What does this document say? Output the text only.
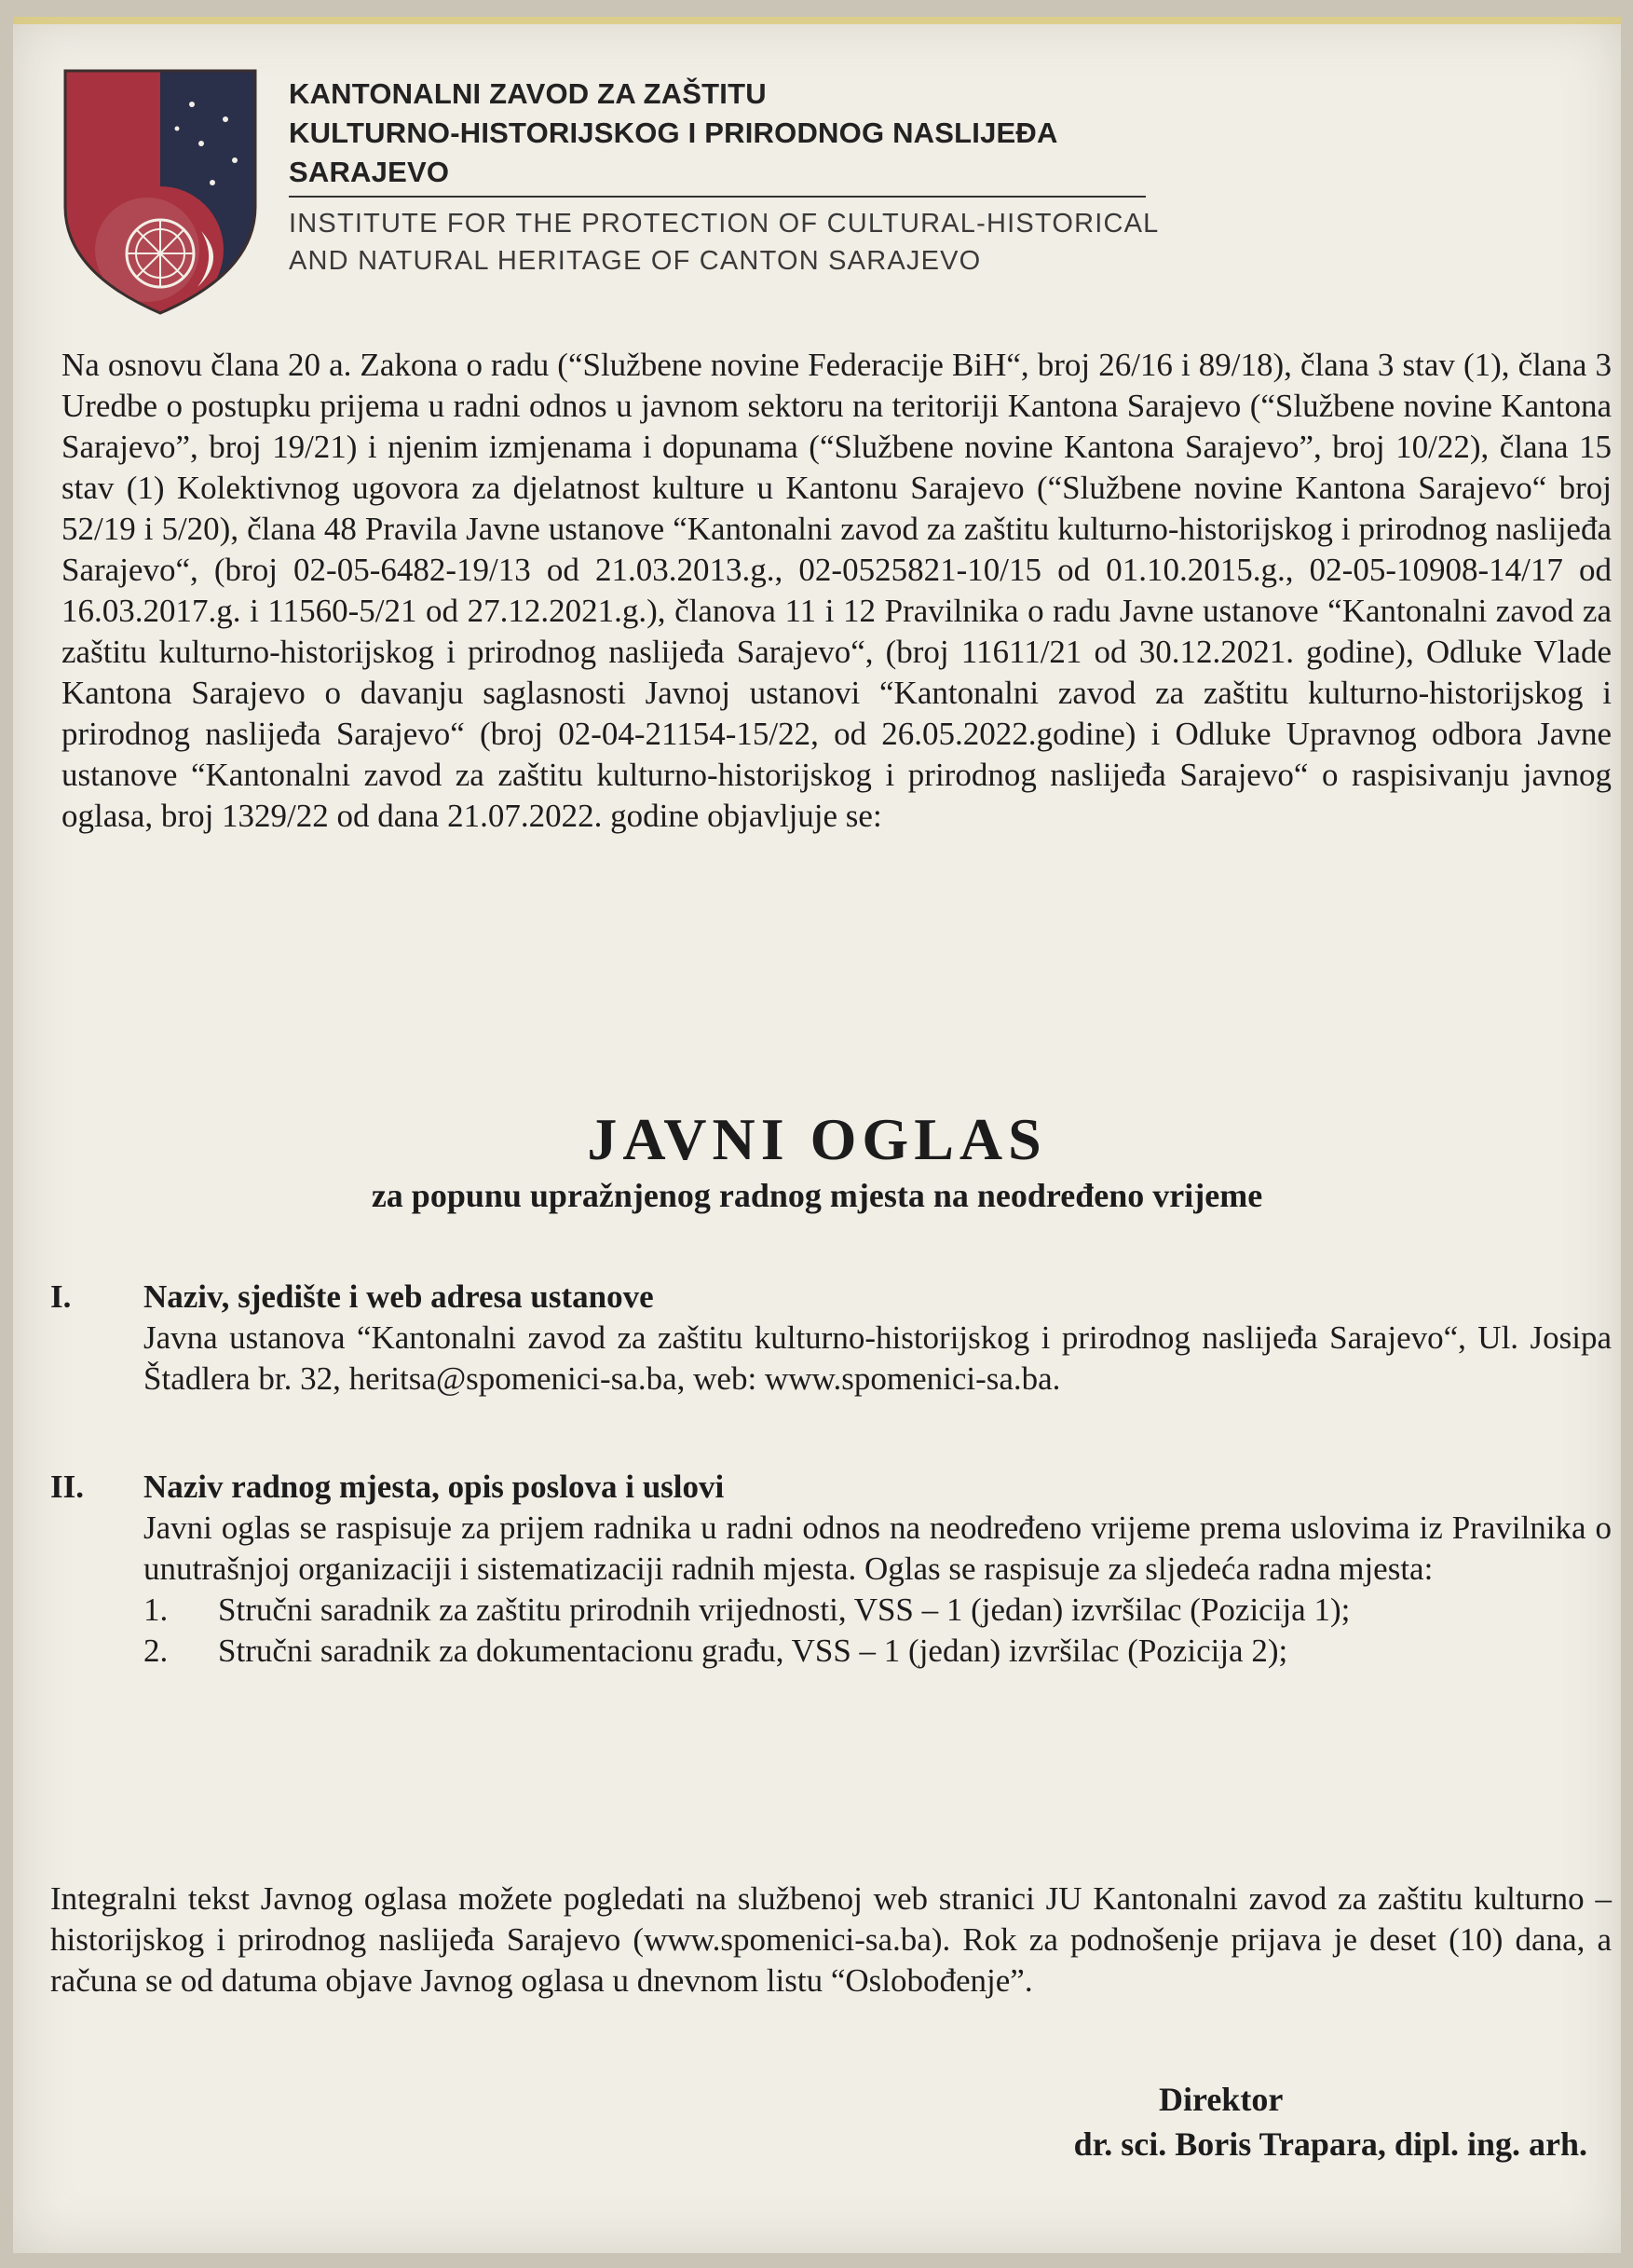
KANTONALNI ZAVOD ZA ZAŠTITU
KULTURNO-HISTORIJSKOG I PRIRODNOG NASLIJEĐA
SARAJEVO
INSTITUTE FOR THE PROTECTION OF CULTURAL-HISTORICAL
AND NATURAL HERITAGE OF CANTON SARAJEVO
Na osnovu člana 20 a. Zakona o radu (“Službene novine Federacije BiH“, broj 26/16 i 89/18), člana 3 stav (1), člana 3 Uredbe o postupku prijema u radni odnos u javnom sektoru na teritoriji Kantona Sarajevo (“Službene novine Kantona Sarajevo”, broj 19/21) i njenim izmjenama i dopunama (“Službene novine Kantona Sarajevo”, broj 10/22), člana 15 stav (1) Kolektivnog ugovora za djelatnost kulture u Kantonu Sarajevo (“Službene novine Kantona Sarajevo“ broj 52/19 i 5/20), člana 48 Pravila Javne ustanove “Kantonalni zavod za zaštitu kulturno-historijskog i prirodnog naslijeđa Sarajevo“, (broj 02-05-6482-19/13 od 21.03.2013.g., 02-0525821-10/15 od 01.10.2015.g., 02-05-10908-14/17 od 16.03.2017.g. i 11560-5/21 od 27.12.2021.g.), članova 11 i 12 Pravilnika o radu Javne ustanove “Kantonalni zavod za zaštitu kulturno-historijskog i prirodnog naslijeđa Sarajevo“, (broj 11611/21 od 30.12.2021. godine), Odluke Vlade Kantona Sarajevo o davanju saglasnosti Javnoj ustanovi “Kantonalni zavod za zaštitu kulturno-historijskog i prirodnog naslijeđa Sarajevo“ (broj 02-04-21154-15/22, od 26.05.2022.godine) i Odluke Upravnog odbora Javne ustanove “Kantonalni zavod za zaštitu kulturno-historijskog i prirodnog naslijeđa Sarajevo“ o raspisivanju javnog oglasa, broj 1329/22 od dana 21.07.2022. godine objavljuje se:
JAVNI OGLAS
za popunu upražnjenog radnog mjesta na neodređeno vrijeme
I. Naziv, sjedište i web adresa ustanove
Javna ustanova “Kantonalni zavod za zaštitu kulturno-historijskog i prirodnog naslijeđa Sarajevo“, Ul. Josipa Štadlera br. 32, heritsa@spomenici-sa.ba, web: www.spomenici-sa.ba.
II. Naziv radnog mjesta, opis poslova i uslovi
Javni oglas se raspisuje za prijem radnika u radni odnos na neodređeno vrijeme prema uslovima iz Pravilnika o unutrašnjoj organizaciji i sistematizaciji radnih mjesta. Oglas se raspisuje za sljedeća radna mjesta:
1. Stručni saradnik za zaštitu prirodnih vrijednosti, VSS – 1 (jedan) izvršilac (Pozicija 1);
2. Stručni saradnik za dokumentacionu građu, VSS – 1 (jedan) izvršilac (Pozicija 2);
Integralni tekst Javnog oglasa možete pogledati na službenoj web stranici JU Kantonalni zavod za zaštitu kulturno – historijskog i prirodnog naslijeđa Sarajevo (www.spomenici-sa.ba). Rok za podnošenje prijava je deset (10) dana, a računa se od datuma objave Javnog oglasa u dnevnom listu “Oslobođenje”.
Direktor
dr. sci. Boris Trapara, dipl. ing. arh.
